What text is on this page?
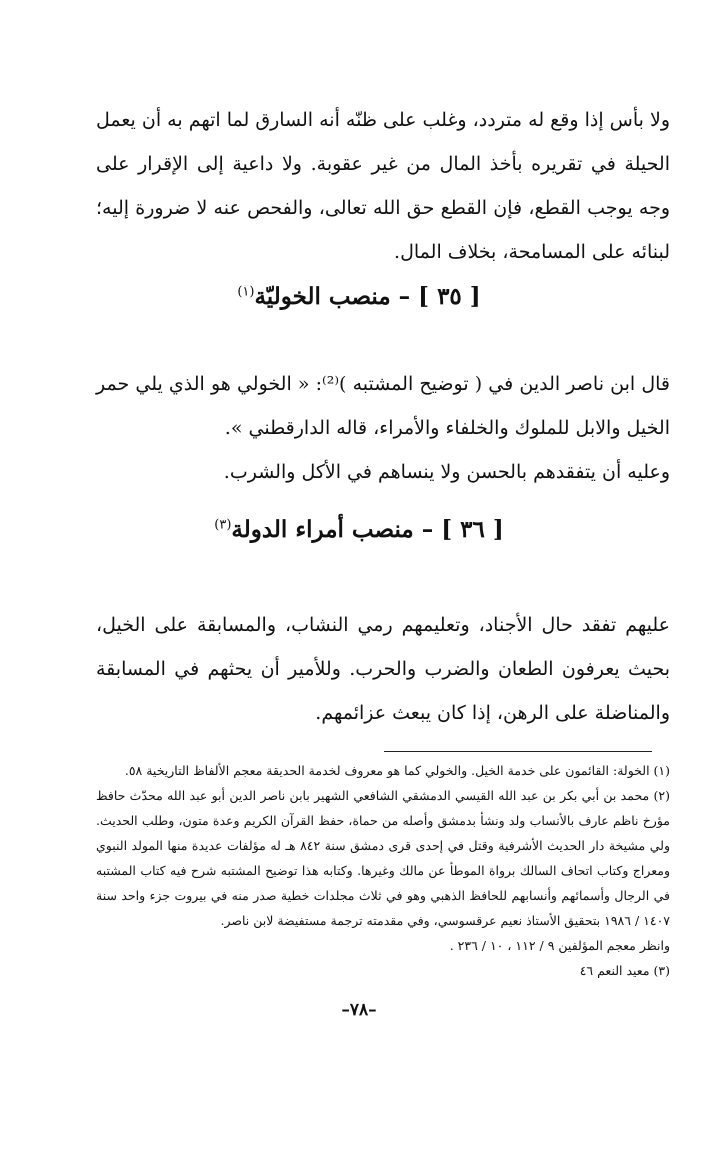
ولا بأس إذا وقع له متردد، وغلب على ظنّه أنه السارق لما اتهم به أن يعمل الحيلة في تقريره بأخذ المال من غير عقوبة. ولا داعية إلى الإقرار على وجه يوجب القطع، فإن القطع حق الله تعالى، والفحص عنه لا ضرورة إليه؛ لبنائه على المسامحة، بخلاف المال.

[ ٣٥ ] – منصب الخوليّة$^{(١)}$

قال ابن ناصر الدين في ( توضيح المشتبه )⁽²⁾: « الخولي هو الذي يلي حمر الخيل والابل للملوك والخلفاء والأمراء، قاله الدارقطني ».

وعليه أن يتفقدهم بالحسن ولا ينساهم في الأكل والشرب.

[ ٣٦ ] – منصب أمراء الدولة$^{(٣)}$

عليهم تفقد حال الأجناد، وتعليمهم رمي النشاب، والمسابقة على الخيل، بحيث يعرفون الطعان والضرب والحرب. وللأمير أن يحثهم في المسابقة والمناضلة على الرهن، إذا كان يبعث عزائمهم.

(١) الخولة: القائمون على خدمة الخيل. والخولي كما هو معروف لخدمة الحديقة معجم الألفاظ التاريخية ٥٨.

(٢) محمد بن أبي بكر بن عبد الله القيسي الدمشقي الشافعي الشهير بابن ناصر الدين أبو عبد الله محدّث حافظ مؤرخ ناظم عارف بالأنساب ولد ونشأ بدمشق وأصله من حماة، حفظ القرآن الكريم وعدة متون، وطلب الحديث. ولي مشيخة دار الحديث الأشرفية وقتل في إحدى قرى دمشق سنة ٨٤٢ هـ له مؤلفات عديدة منها المولد النبوي ومعراج وكتاب اتحاف السالك برواة الموطأ عن مالك وغيرها. وكتابه هذا توضيح المشتبه شرح فيه كتاب المشتبه في الرجال وأسمائهم وأنسابهم للحافظ الذهبي وهو في ثلاث مجلدات خطية صدر منه في بيروت جزء واحد سنة ١٤٠٧ / ١٩٨٦ بتحقيق الأستاذ نعيم عرقسوسي، وفي مقدمته ترجمة مستفيضة لابن ناصر.

وانظر معجم المؤلفين ٩ / ١١٢ ، ١٠ / ٢٣٦ .

(٣) معيد النعم ٤٦

–٧٨–
